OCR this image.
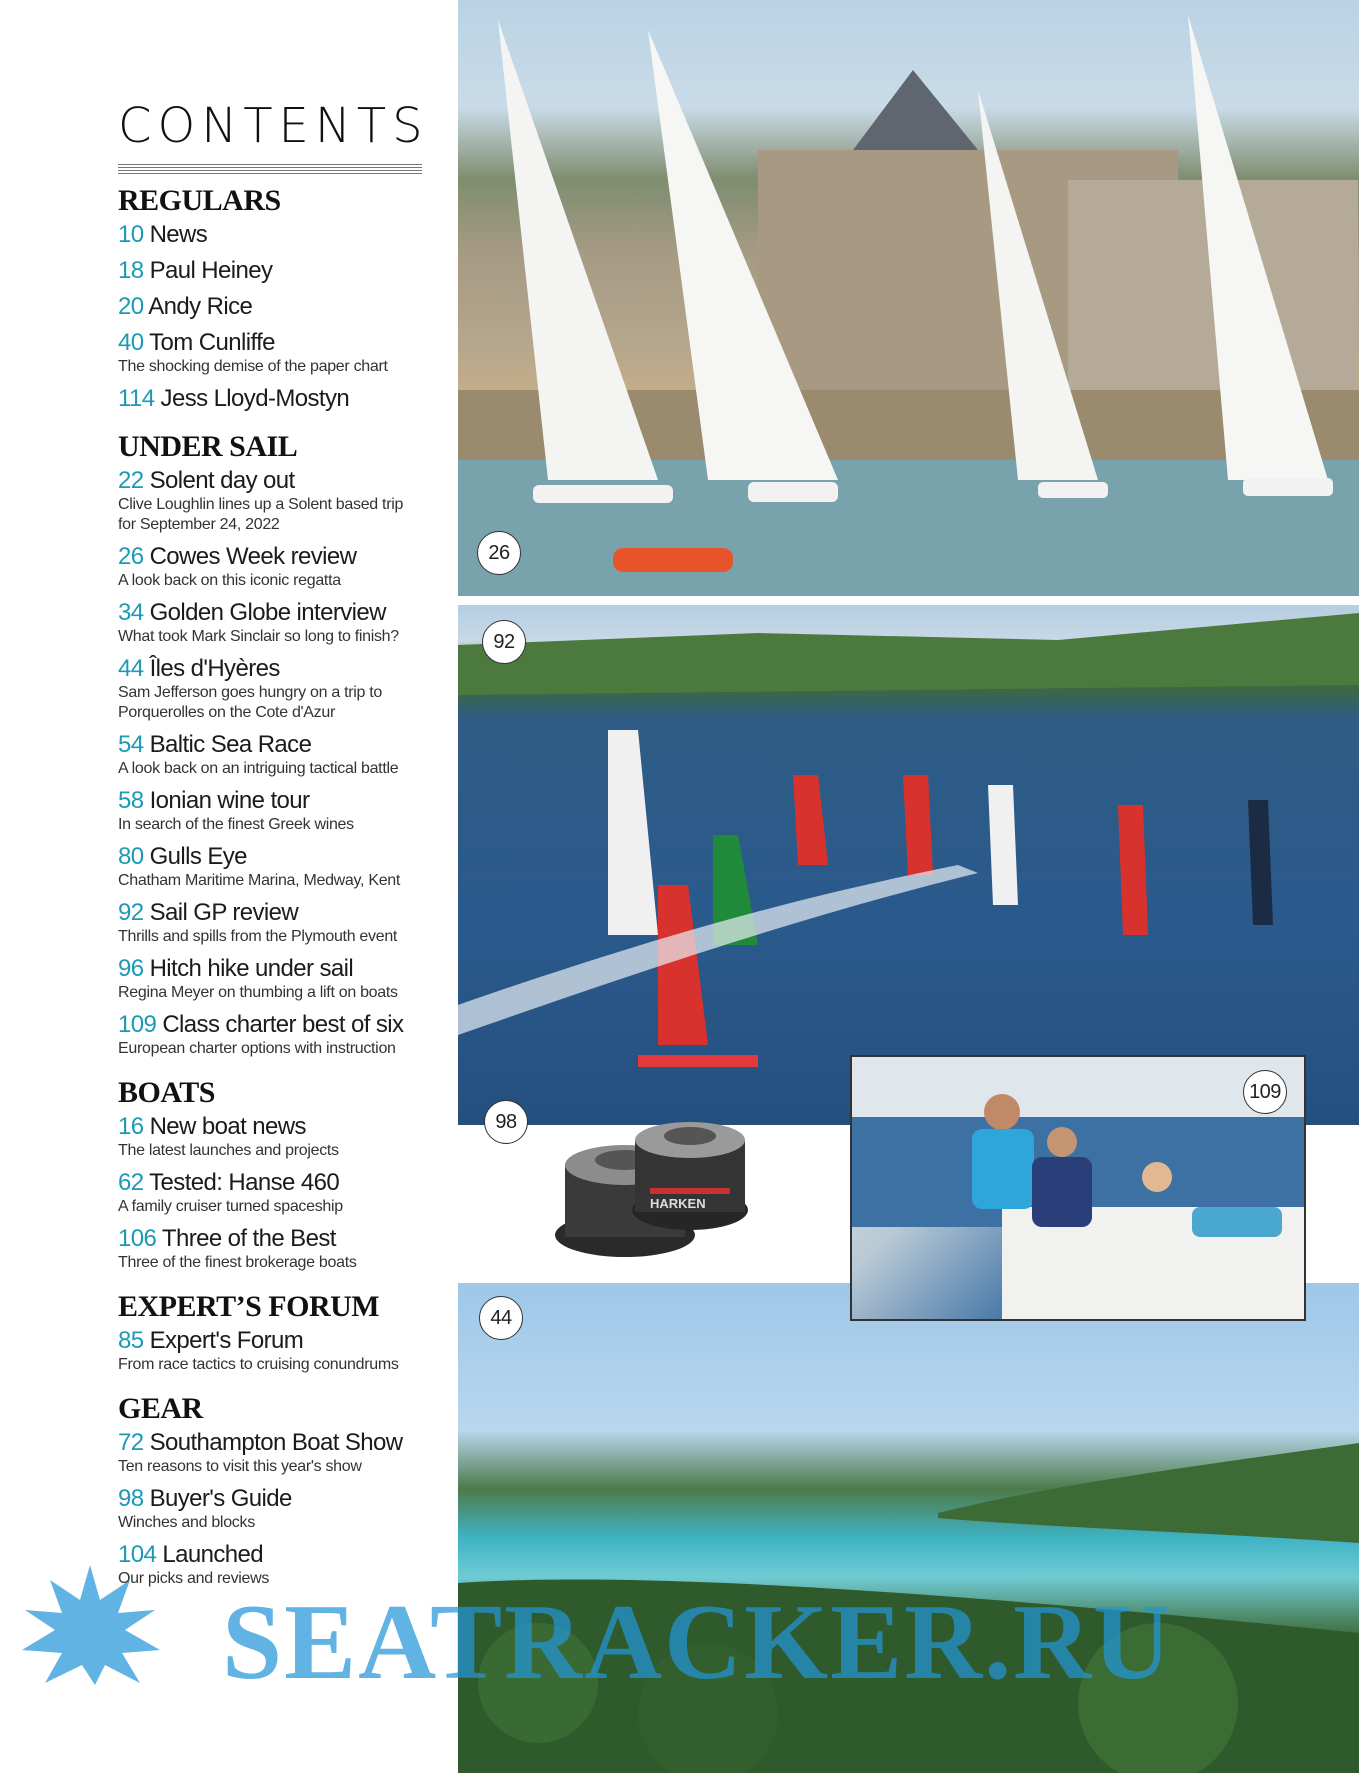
CONTENTS
REGULARS
10 News
18 Paul Heiney
20 Andy Rice
40 Tom Cunliffe
The shocking demise of the paper chart
114 Jess Lloyd-Mostyn
UNDER SAIL
22 Solent day out
Clive Loughlin lines up a Solent based trip
for September 24, 2022
26 Cowes Week review
A look back on this iconic regatta
34 Golden Globe interview
What took Mark Sinclair so long to finish?
44 Îles d'Hyères
Sam Jefferson goes hungry on a trip to
Porquerolles on the Cote d'Azur
54 Baltic Sea Race
A look back on an intriguing tactical battle
58 Ionian wine tour
In search of the finest Greek wines
80 Gulls Eye
Chatham Maritime Marina, Medway, Kent
92 Sail GP review
Thrills and spills from the Plymouth event
96 Hitch hike under sail
Regina Meyer on thumbing a lift on boats
109 Class charter best of six
European charter options with instruction
BOATS
16 New boat news
The latest launches and projects
62 Tested: Hanse 460
A family cruiser turned spaceship
106 Three of the Best
Three of the finest brokerage boats
EXPERT’S FORUM
85 Expert's Forum
From race tactics to cruising conundrums
GEAR
72 Southampton Boat Show
Ten reasons to visit this year's show
98 Buyer's Guide
Winches and blocks
104 Launched
Our picks and reviews
HARKEN
26
92
98
109
44
SEATRACKER.RU
